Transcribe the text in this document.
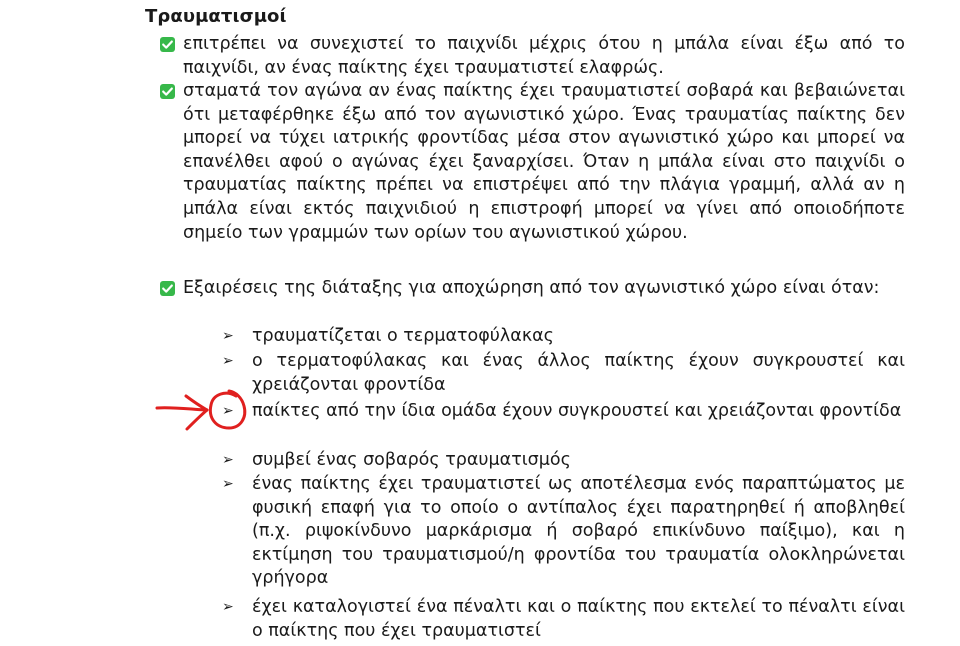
Τραυματισμοί
επιτρέπει να συνεχιστεί το παιχνίδι μέχρις ότου η μπάλα είναι έξω από το παιχνίδι, αν ένας παίκτης έχει τραυματιστεί ελαφρώς.
σταματά τον αγώνα αν ένας παίκτης έχει τραυματιστεί σοβαρά και βεβαιώνεται ότι μεταφέρθηκε έξω από τον αγωνιστικό χώρο. Ένας τραυματίας παίκτης δεν μπορεί να τύχει ιατρικής φροντίδας μέσα στον αγωνιστικό χώρο και μπορεί να επανέλθει αφού ο αγώνας έχει ξαναρχίσει. Όταν η μπάλα είναι στο παιχνίδι ο τραυματίας παίκτης πρέπει να επιστρέψει από την πλάγια γραμμή, αλλά αν η μπάλα είναι εκτός παιχνιδιού η επιστροφή μπορεί να γίνει από οποιοδήποτε σημείο των γραμμών των ορίων του αγωνιστικού χώρου.
Εξαιρέσεις της διάταξης για αποχώρηση από τον αγωνιστικό χώρο είναι όταν:
➢ τραυματίζεται ο τερματοφύλακας
➢ ο τερματοφύλακας και ένας άλλος παίκτης έχουν συγκρουστεί και χρειάζονται φροντίδα
➢ παίκτες από την ίδια ομάδα έχουν συγκρουστεί και χρειάζονται φροντίδα
➢ συμβεί ένας σοβαρός τραυματισμός
➢ ένας παίκτης έχει τραυματιστεί ως αποτέλεσμα ενός παραπτώματος με φυσική επαφή για το οποίο ο αντίπαλος έχει παρατηρηθεί ή αποβληθεί (π.χ. ριψοκίνδυνο μαρκάρισμα ή σοβαρό επικίνδυνο παίξιμο), και η εκτίμηση του τραυματισμού/η φροντίδα του τραυματία ολοκληρώνεται γρήγορα
➢ έχει καταλογιστεί ένα πέναλτι και ο παίκτης που εκτελεί το πέναλτι είναι ο παίκτης που έχει τραυματιστεί
